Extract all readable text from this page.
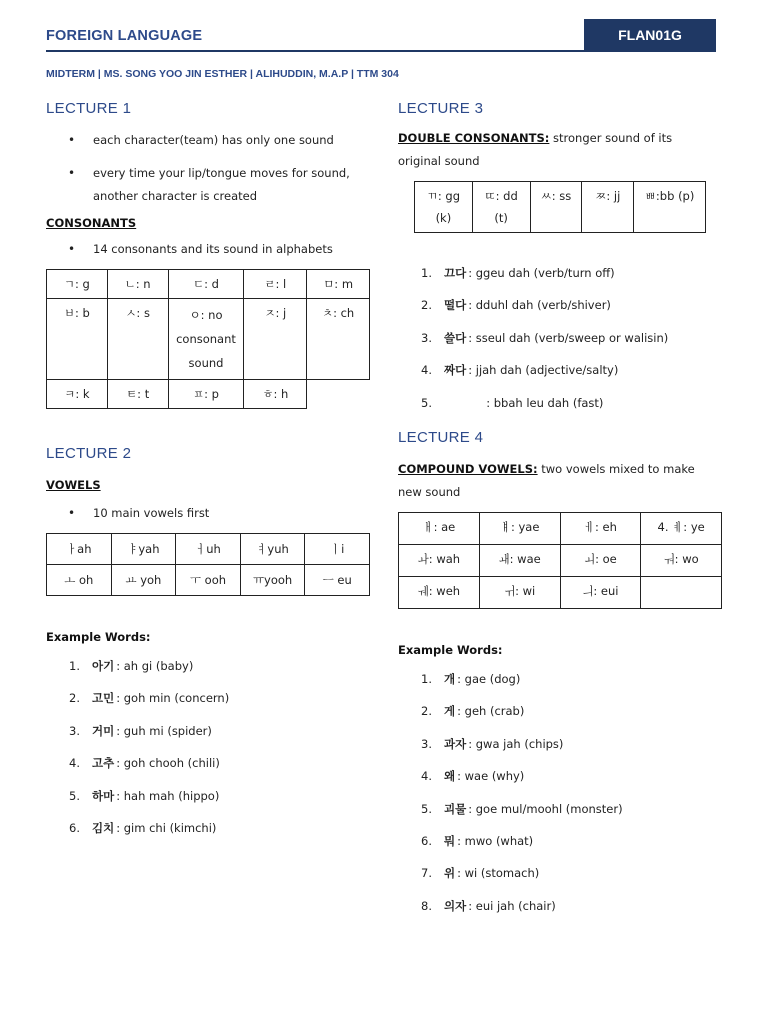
FOREIGN LANGUAGE	FLAN01G
MIDTERM | MS. SONG YOO JIN ESTHER | ALIHUDDIN, M.A.P | TTM 304
LECTURE 1
• each character(team) has only one sound
• every time your lip/tongue moves for sound, another character is created
CONSONANTS
• 14 consonants and its sound in alphabets
ㄱ: g	ㄴ: n	ㄷ: d	ㄹ: l	ㅁ: m
ㅂ: b	ㅅ: s	ㅇ: no consonant sound	ㅈ: j	ㅊ: ch
ㅋ: k	ㅌ: t	ㅍ: p	ㅎ: h	
LECTURE 2
VOWELS
• 10 main vowels first
ㅏah	ㅑyah	ㅓuh	ㅕyuh	ㅣi
ㅗ oh	ㅛ yoh	ㅜ ooh	ㅠyooh	ㅡ eu
Example Words:
1.	아기 : ah gi (baby)
2.	고민 : goh min (concern)
3.	거미 : guh mi (spider)
4.	고추 : goh chooh (chili)
5.	하마 : hah mah (hippo)
6.	김치 : gim chi (kimchi)
LECTURE 3
DOUBLE CONSONANTS: stronger sound of its original sound
ㄲ: gg (k)	ㄸ: dd (t)	ㅆ: ss	ㅉ: jj	ㅃ:bb (p)
1.	끄다 : ggeu dah (verb/turn off)
2.	떨다 : dduhl dah (verb/shiver)
3.	쓸다 : sseul dah (verb/sweep or walisin)
4.	짜다 : jjah dah (adjective/salty)
5.	: bbah leu dah (fast)
LECTURE 4
COMPOUND VOWELS: two vowels mixed to make new sound
ㅐ: ae	ㅒ: yae	ㅔ: eh	4. ㅖ: ye
ㅘ: wah	ㅙ: wae	ㅚ: oe	ㅝ: wo
ㅞ: weh	ㅟ: wi	ㅢ: eui	
Example Words:
1.	개 : gae (dog)
2.	게 : geh (crab)
3.	과자 : gwa jah (chips)
4.	왜 : wae (why)
5.	괴물 : goe mul/moohl (monster)
6.	뭐 : mwo (what)
7.	위 : wi (stomach)
8.	의자 : eui jah (chair)
